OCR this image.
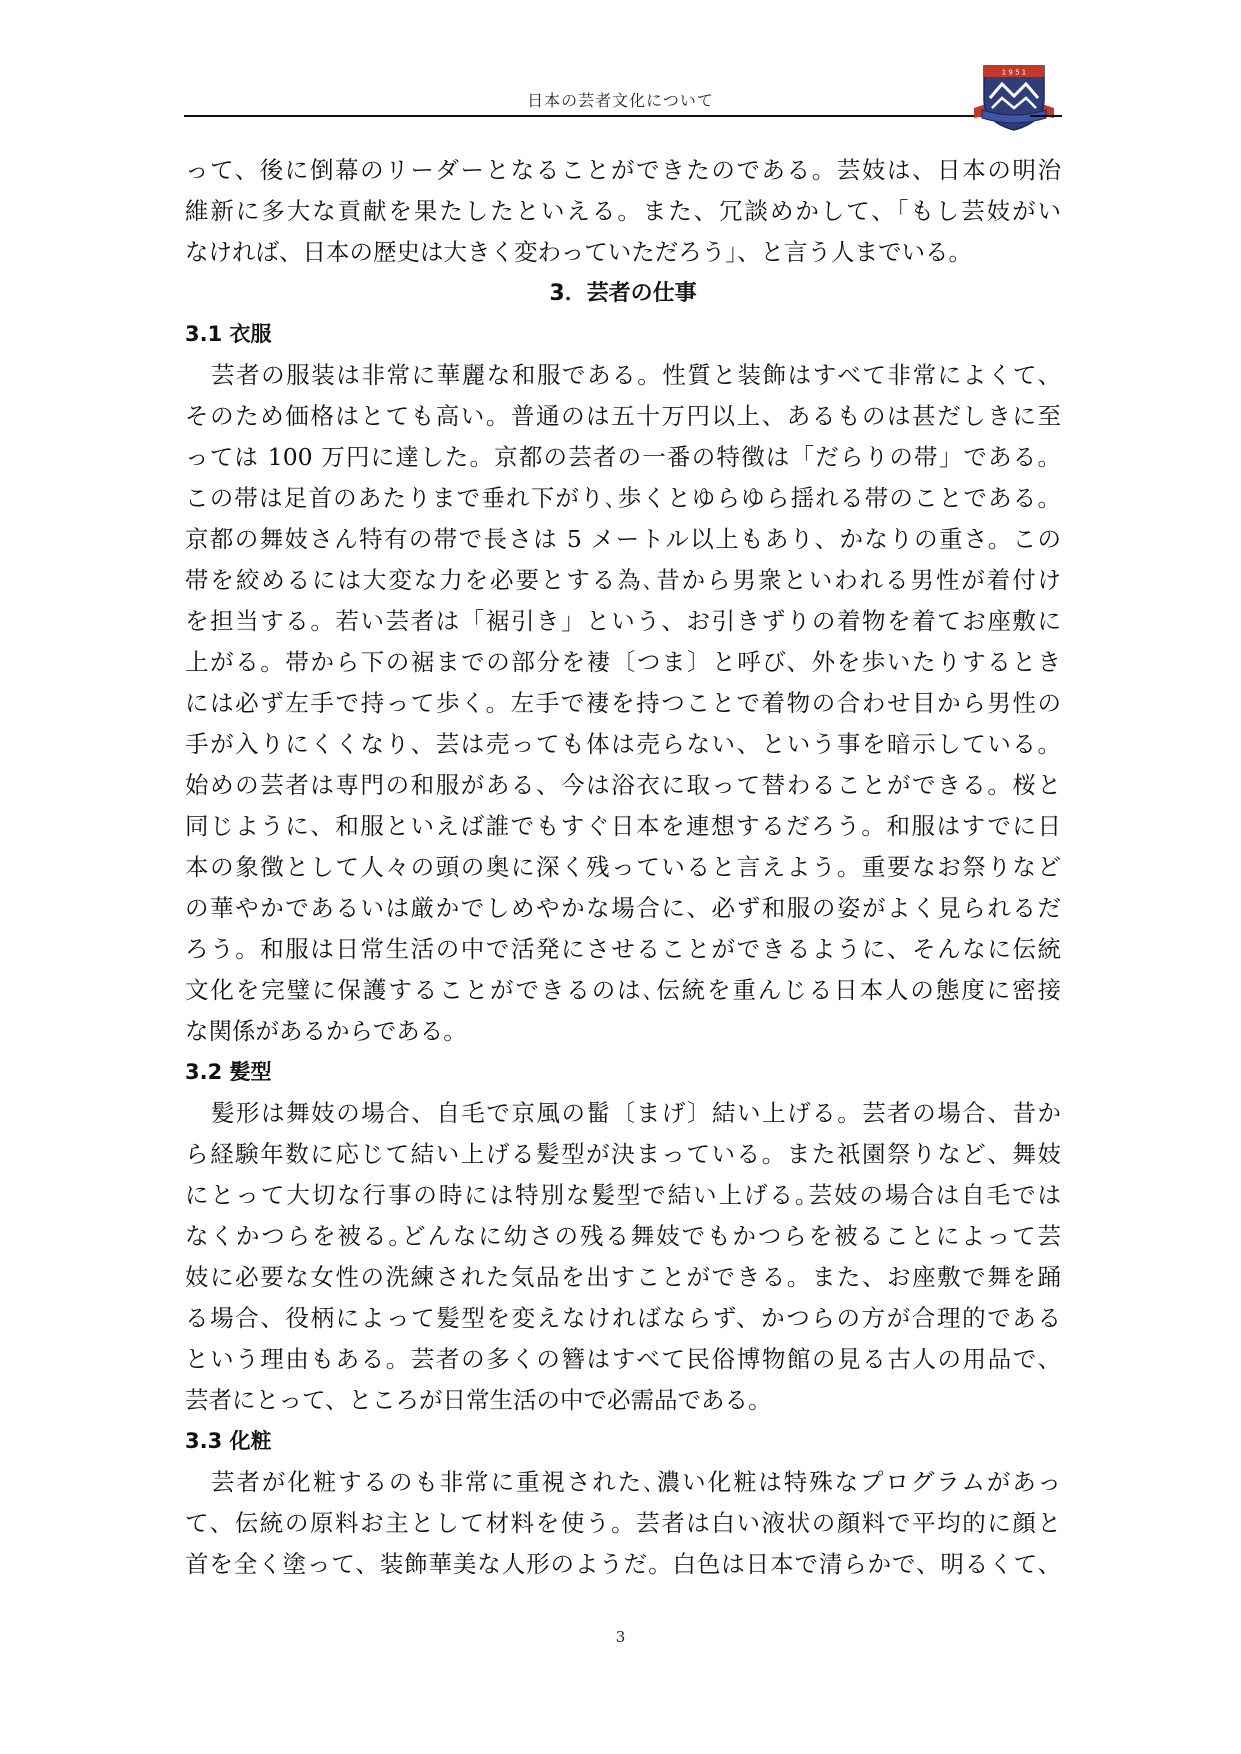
日本の芸者文化について
1 9 5 1
って、後に倒幕のリーダーとなることができたのである。芸妓は、日本の明治
維新に多大な貢献を果たしたといえる。また、冗談めかして、「もし芸妓がい
なければ、日本の歴史は大きく変わっていただろう」、と言う人までいる。
3．芸者の仕事
3.1 衣服
芸者の服装は非常に華麗な和服である。性質と装飾はすべて非常によくて、
そのため価格はとても高い。普通のは五十万円以上、あるものは甚だしきに至
っては 100 万円に達した。京都の芸者の一番の特徴は「だらりの帯」である。
この帯は足首のあたりまで垂れ下がり､歩くとゆらゆら揺れる帯のことである。
京都の舞妓さん特有の帯で長さは 5 メートル以上もあり、かなりの重さ。この
帯を絞めるには大変な力を必要とする為､昔から男衆といわれる男性が着付け
を担当する。若い芸者は「裾引き」という、お引きずりの着物を着てお座敷に
上がる。帯から下の裾までの部分を褄〔つま〕と呼び、外を歩いたりするとき
には必ず左手で持って歩く。左手で褄を持つことで着物の合わせ目から男性の
手が入りにくくなり、芸は売っても体は売らない、という事を暗示している。
始めの芸者は専門の和服がある、今は浴衣に取って替わることができる。桜と
同じように、和服といえば誰でもすぐ日本を連想するだろう。和服はすでに日
本の象徴として人々の頭の奥に深く残っていると言えよう。重要なお祭りなど
の華やかであるいは厳かでしめやかな場合に、必ず和服の姿がよく見られるだ
ろう。和服は日常生活の中で活発にさせることができるように、そんなに伝統
文化を完璧に保護することができるのは､伝統を重んじる日本人の態度に密接
な関係があるからである。
3.2 髪型
髪形は舞妓の場合、自毛で京風の髷〔まげ〕結い上げる。芸者の場合、昔か
ら経験年数に応じて結い上げる髪型が決まっている。また祇園祭りなど、舞妓
にとって大切な行事の時には特別な髪型で結い上げる｡芸妓の場合は自毛では
なくかつらを被る｡どんなに幼さの残る舞妓でもかつらを被ることによって芸
妓に必要な女性の洗練された気品を出すことができる。また、お座敷で舞を踊
る場合、役柄によって髪型を変えなければならず、かつらの方が合理的である
という理由もある。芸者の多くの簪はすべて民俗博物館の見る古人の用品で、
芸者にとって、ところが日常生活の中で必需品である。
3.3 化粧
芸者が化粧するのも非常に重視された､濃い化粧は特殊なプログラムがあっ
て、伝統の原料お主として材料を使う。芸者は白い液状の顔料で平均的に顔と
首を全く塗って、装飾華美な人形のようだ。白色は日本で清らかで、明るくて、
3
